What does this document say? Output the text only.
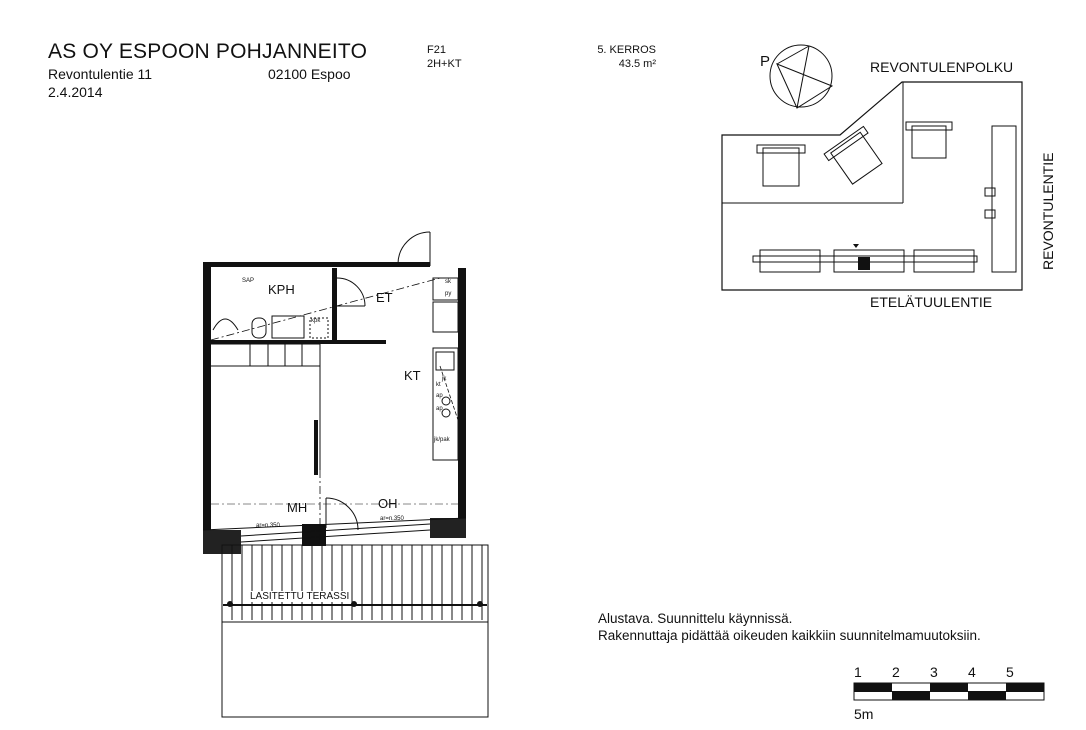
AS OY ESPOON POHJANNEITO
Revontulentie 11	02100 Espoo
2.4.2014
F21
2H+KT
5. KERROS
43.5 m²
KPH
ET
KT
MH	OH
LASITETTU TERASSI
SAP	sk
py
kpk
jk
kt
ap
ap
jk/pak
ar=n.350
ar=n.350
P	REVONTULENPOLKU
REVONTULENTIE
ETELÄTUULENTIE
Alustava. Suunnittelu käynnissä.
Rakennuttaja pidättää oikeuden kaikkiin suunnitelmamuutoksiin.
1 2 3 4 5
5m
